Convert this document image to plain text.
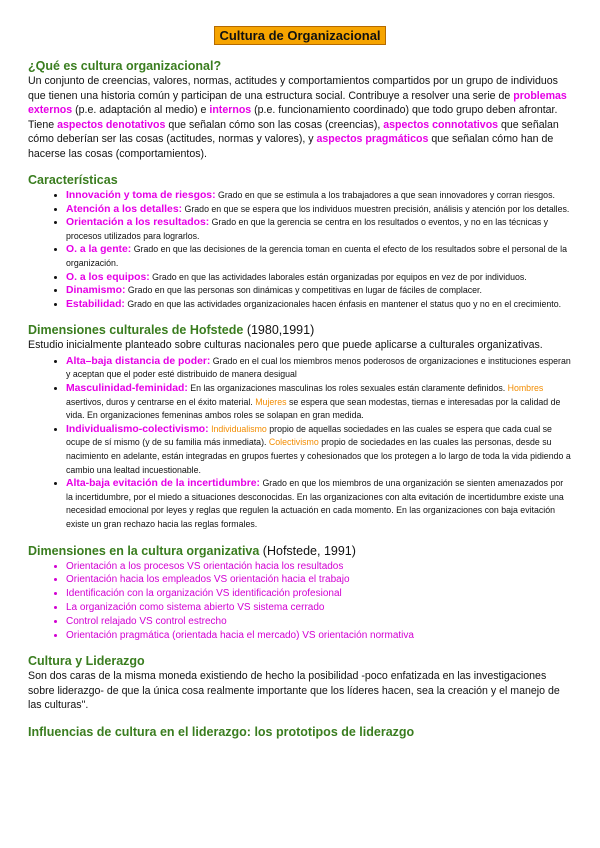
Cultura de Organizacional
¿Qué es cultura organizacional?

Un conjunto de creencias, valores, normas, actitudes y comportamientos compartidos por un grupo de individuos que tienen una historia común y participan de una estructura social. Contribuye a resolver una serie de problemas externos (p.e. adaptación al medio) e internos (p.e. funcionamiento coordinado) que todo grupo deben afrontar. Tiene aspectos denotativos que señalan cómo son las cosas (creencias), aspectos connotativos que señalan cómo deberían ser las cosas (actitudes, normas y valores), y aspectos pragmáticos que señalan cómo han de hacerse las cosas (comportamientos).

Características
• Innovación y toma de riesgos: Grado en que se estimula a los trabajadores a que sean innovadores y corran riesgos.
• Atención a los detalles: Grado en que se espera que los individuos muestren precisión, análisis y atención por los detalles.
• Orientación a los resultados: Grado en que la gerencia se centra en los resultados o eventos, y no en las técnicas y procesos utilizados para lograrlos.
• O. a la gente: Grado en que las decisiones de la gerencia toman en cuenta el efecto de los resultados sobre el personal de la organización.
• O. a los equipos: Grado en que las actividades laborales están organizadas por equipos en vez de por individuos.
• Dinamismo: Grado en que las personas son dinámicas y competitivas en lugar de fáciles de complacer.
• Estabilidad: Grado en que las actividades organizacionales hacen énfasis en mantener el status quo y no en el crecimiento.
Dimensiones culturales de Hofstede (1980,1991)

Estudio inicialmente planteado sobre culturas nacionales pero que puede aplicarse a culturales organizativas.

• Alta–baja distancia de poder: Grado en el cual los miembros menos poderosos de organizaciones e instituciones esperan y aceptan que el poder esté distribuido de manera desigual
• Masculinidad-feminidad: En las organizaciones masculinas los roles sexuales están claramente definidos. Hombres asertivos, duros y centrarse en el éxito material. Mujeres se espera que sean modestas, tiernas e interesadas por la calidad de vida. En organizaciones femeninas ambos roles se solapan en gran medida.
• Individualismo-colectivismo: Individualismo propio de aquellas sociedades en las cuales se espera que cada cual se ocupe de sí mismo (y de su familia más inmediata). Colectivismo propio de sociedades en las cuales las personas, desde su nacimiento en adelante, están integradas en grupos fuertes y cohesionados que los protegen a lo largo de toda la vida pidiendo a cambio una lealtad incuestionable.
• Alta-baja evitación de la incertidumbre: Grado en que los miembros de una organización se sienten amenazados por la incertidumbre, por el miedo a situaciones desconocidas. En las organizaciones con alta evitación de incertidumbre existe una necesidad emocional por leyes y reglas que regulen la actuación en cada momento. En las organizaciones con baja evitación existe un gran rechazo hacia las reglas formales.
Dimensiones en la cultura organizativa (Hofstede, 1991)
• Orientación a los procesos VS orientación hacia los resultados
• Orientación hacia los empleados VS orientación hacia el trabajo
• Identificación con la organización VS identificación profesional
• La organización como sistema abierto VS sistema cerrado
• Control relajado VS control estrecho
• Orientación pragmática (orientada hacia el mercado) VS orientación normativa
Cultura y Liderazgo

Son dos caras de la misma moneda existiendo de hecho la posibilidad -poco enfatizada en las investigaciones sobre liderazgo- de que la única cosa realmente importante que los líderes hacen, sea la creación y el manejo de las culturas".

Influencias de cultura en el liderazgo: los prototipos de liderazgo
